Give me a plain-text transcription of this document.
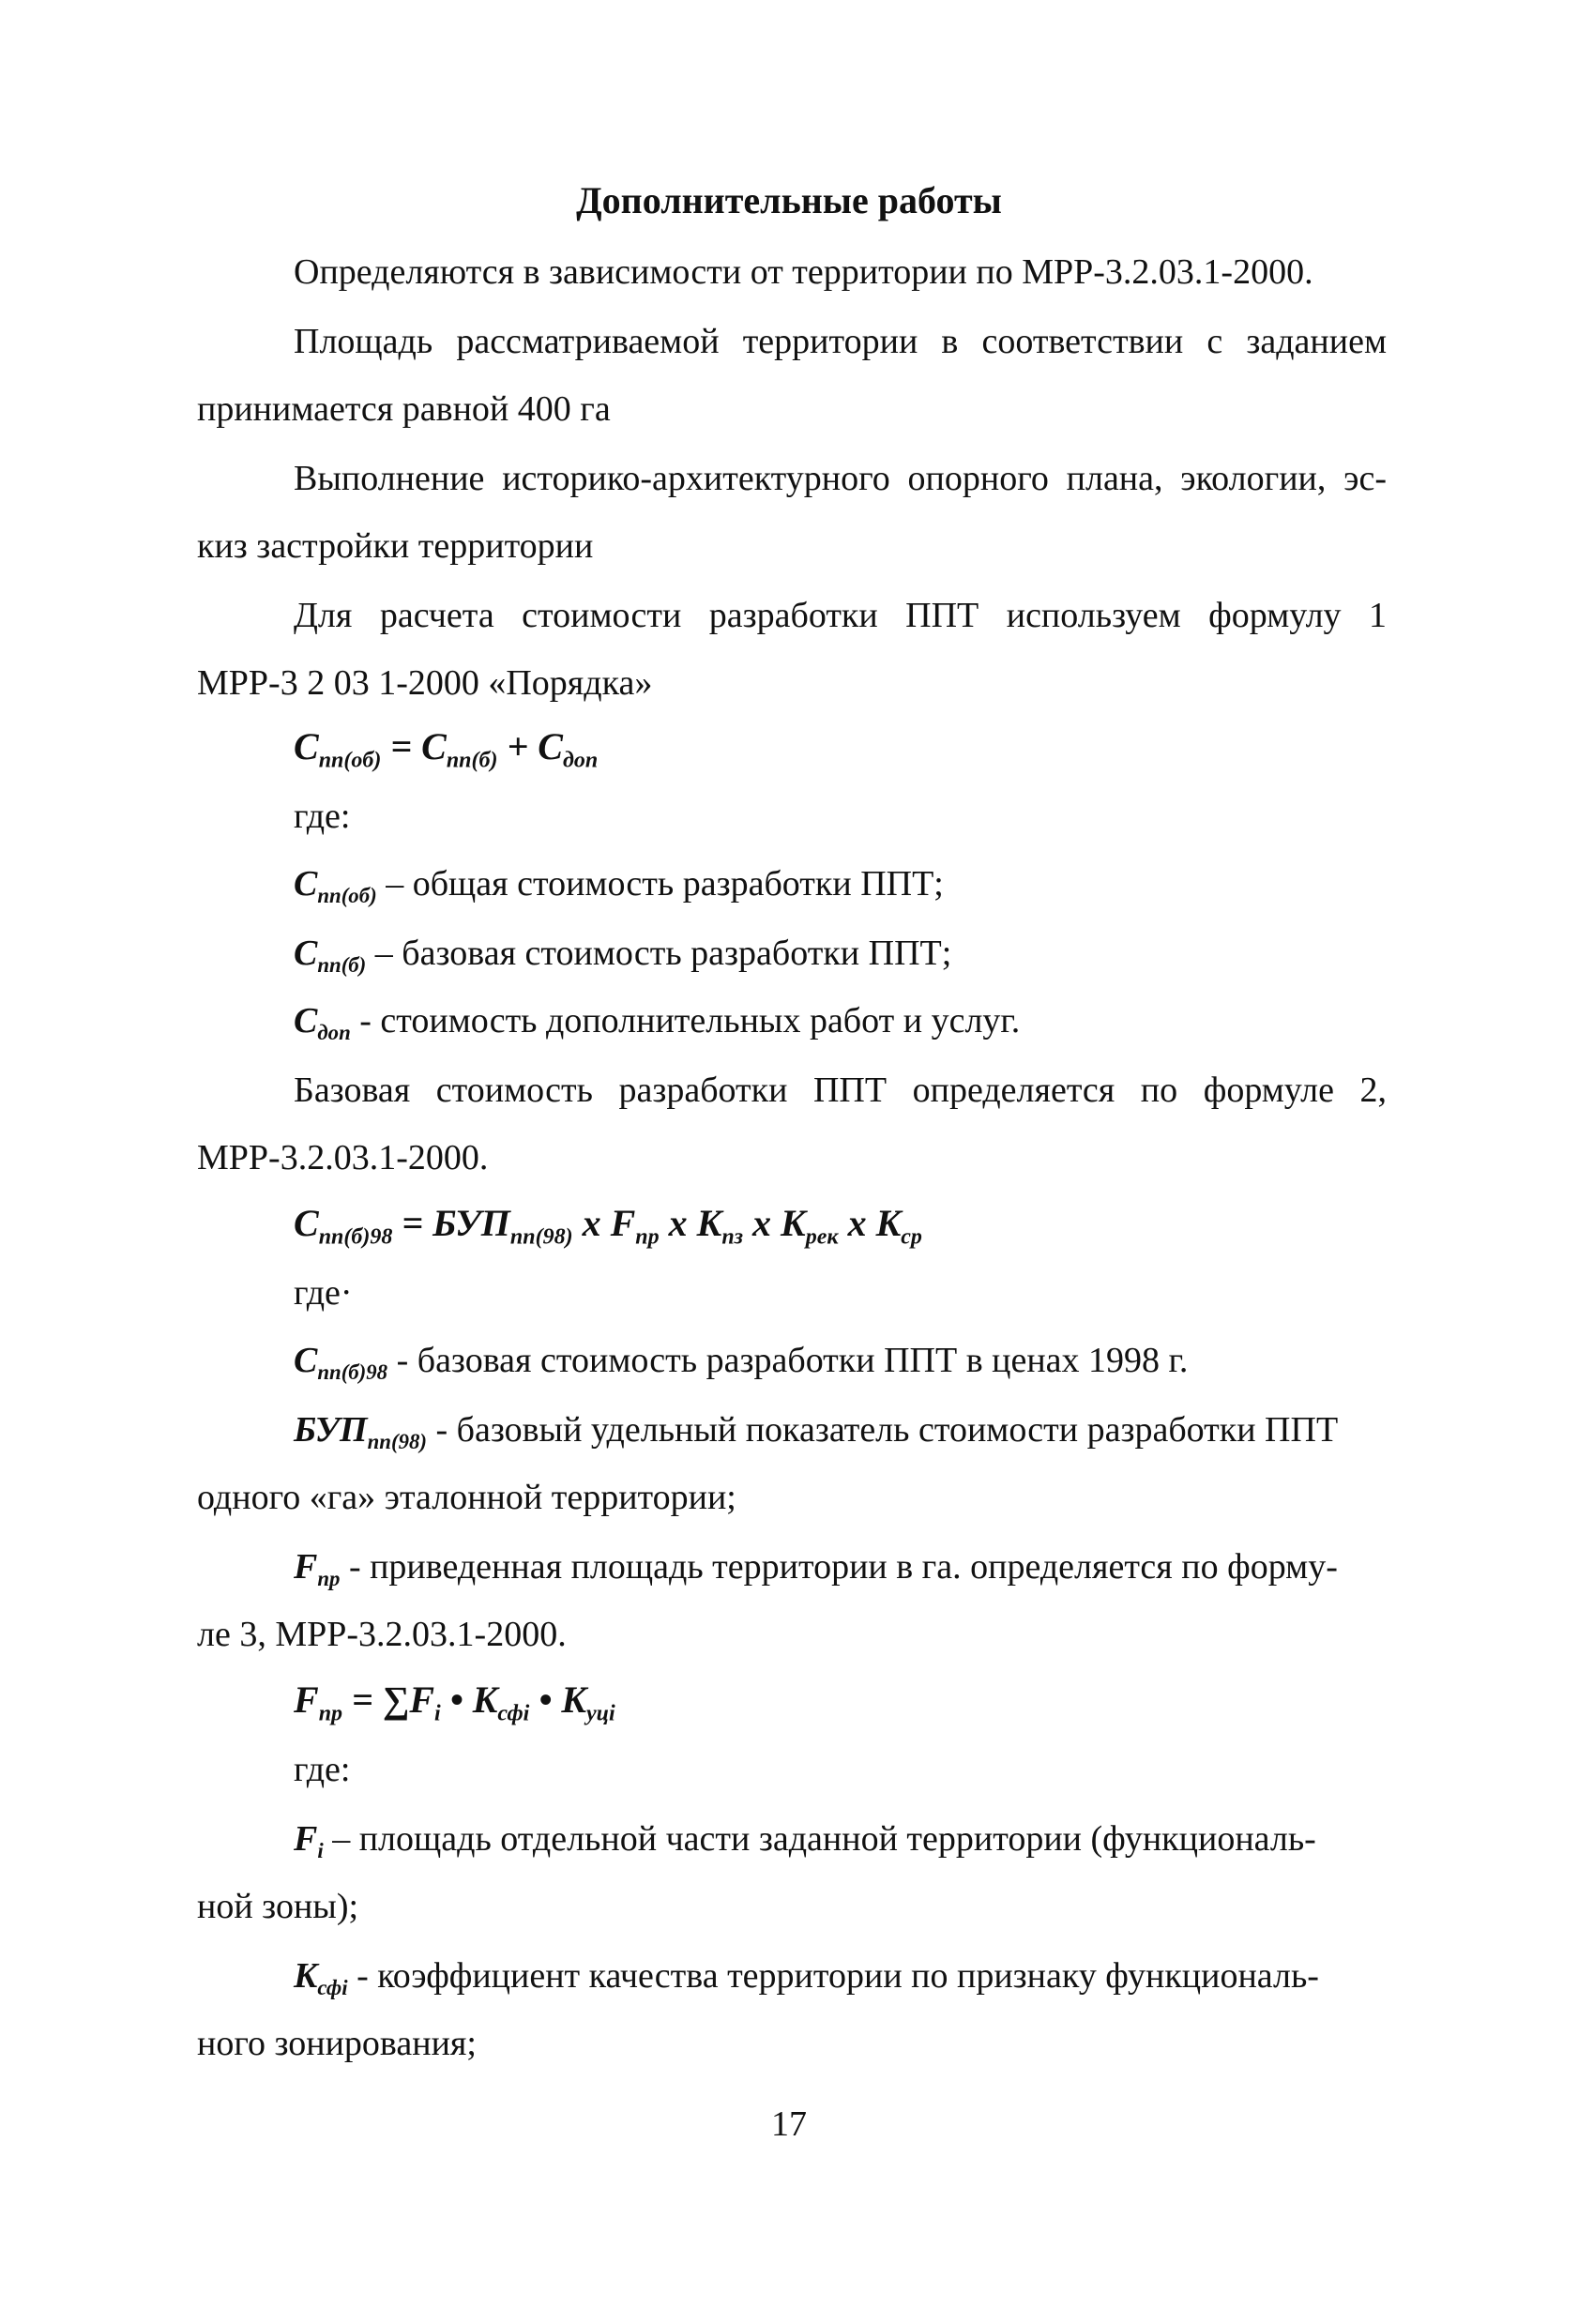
Дополнительные работы
Определяются в зависимости от территории по МРР-3.2.03.1-2000.
Площадь рассматриваемой территории в соответствии с заданием
принимается равной 400 га
Выполнение историко-архитектурного опорного плана, экологии, эс-
киз застройки территории
Для расчета стоимости разработки ППТ используем формулу 1
МРР-3 2 03 1-2000 «Порядка»
$C_{пп(об)} = C_{пп(б)} + C_{доп}$
где:
$C_{пп(об)}$ – общая стоимость разработки ППТ;
$C_{пп(б)}$ – базовая стоимость разработки ППТ;
$C_{доп}$ - стоимость дополнительных работ и услуг.
Базовая стоимость разработки ППТ определяется по формуле 2,
МРР-3.2.03.1-2000.
$C_{пп(б)98} = БУП_{пп(98)}$ x $F_{пр}$ x $K_{пз}$ x $K_{рек}$ x $K_{ср}$
где·
$C_{пп(б)98}$ - базовая стоимость разработки ППТ в ценах 1998 г.
$БУП_{пп(98)}$ - базовый удельный показатель стоимости разработки ППТ
одного «га» эталонной территории;
$F_{пр}$ - приведенная площадь территории в га. определяется по форму-
ле 3, МРР-3.2.03.1-2000.
$F_{пр} = \sum F_i$ • $K_{сфi}$ • $K_{уцi}$
где:
$F_i$ – площадь отдельной части заданной территории (функциональ-
ной зоны);
$K_{сфi}$ - коэффициент качества территории по признаку функциональ-
ного зонирования;
17
